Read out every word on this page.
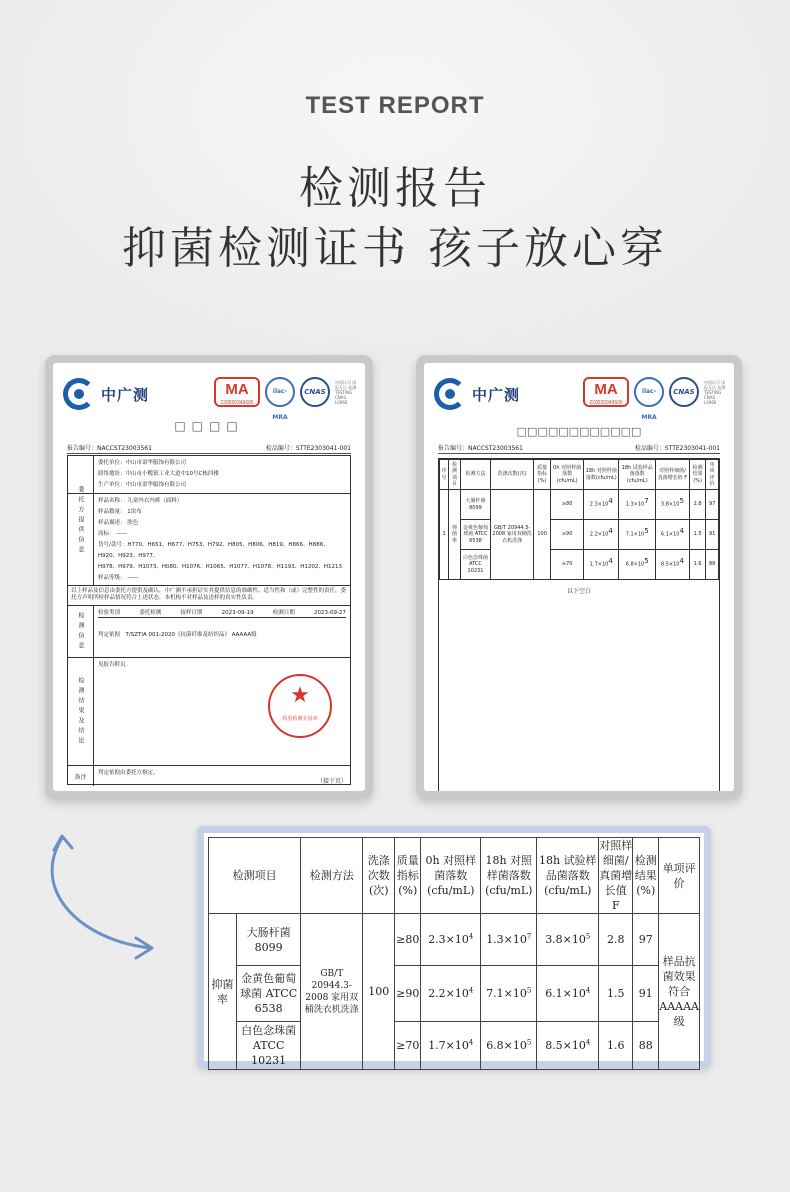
TEST REPORT
检测报告
抑菌检测证书 孩子放心穿
中广测	MA
220020349606
ilac-MRA
CNAS
中国认可 国际互认 检测 TESTING CNAS L0966
□□□□
报告编号：NACCST23003561	检品编号：STTE2303041-001
委托单位：中山市诺华服饰有限公司
联络地址：中山市小榄镇工业大道中10号C栋四楼
生产单位：中山市诺华服饰有限公司
样品名称： 儿童内衣内裤（面料）
样品数量： 1块布
样品描述： 肤色
商标： ——
货号/款号：H770、H651、H677、H753、H792、H805、H806、H819、H866、H886、H920、H923、H977、
H978、H979、H1073、H080、H1076、H1065、H1077、H1078、H1193、H1202、H1213
样品等级： ——
委托方提供信息
以上样品及信息由委托方提供及确认，中广测不承担证实其提供信息的准确性、适当性和（或）完整性的责任，委托方声明所检样品情况符合上述状态。本机构不对样品及送样的真实性负责。
检测信息	检验类别	委托检测	接样日期	2023-09-19	检测日期	2023-09-27
判定依据　 T/SZTIA 001-2020《抗菌纤维及纺织品》 AAAAA级
检测结果及结论
见报告附页。
备注
判定依据由委托方指定。
★
检验检测专用章
（接下页）
中广测	MA
220020349606
ilac-MRA
CNAS
中国认可 国际互认 检测 TESTING CNAS L0966
□□□□□□□□□□□□
报告编号：NACCST23003561	检品编号：STTE2303041-001
序号	检测项目	检测方法	洗涤次数(次)	质量指标(%)	0h 对照样菌落数(cfu/mL)	18h 对照样菌落数(cfu/mL)	18h 试验样品菌落数(cfu/mL)	对照样细菌/真菌增长值 F	检测结果(%)	单项评价
1	抑菌率	大肠杆菌 8099	GB/T 20944.3-2008 家用双桶洗衣机洗涤	100	≥80	$2.3\times 10^4$	$1.3\times 10^7$	$3.8\times 10^5$	2.8	97
		金黄色葡萄球菌 ATCC 6538			≥90	$2.2\times 10^4$	$7.1\times 10^5$	$6.1\times 10^4$	1.5	91
		白色念珠菌 ATCC 10231			≥70	$1.7\times 10^4$	$6.8\times 10^5$	$8.5\times 10^4$	1.6	88
以下空白
检测项目		检测方法	洗涤次数(次)	质量指标(%)	0h 对照样菌落数(cfu/mL)	18h 对照样菌落数(cfu/mL)	18h 试验样品菌落数(cfu/mL)	对照样细菌/真菌增长值 F	检测结果(%)	单项评价
抑菌率	大肠杆菌 8099	GB/T 20944.3-2008 家用双桶洗衣机洗涤	100	≥80	$2.3\times 10^4$	$1.3\times 10^7$	$3.8\times 10^5$	2.8	97	样品抗菌效果符合AAAAA级
	金黄色葡萄球菌 ATCC 6538			≥90	$2.2\times 10^4$	$7.1\times 10^5$	$6.1\times 10^4$	1.5	91	
	白色念珠菌 ATCC 10231			≥70	$1.7\times 10^4$	$6.8\times 10^5$	$8.5\times 10^4$	1.6	88	
